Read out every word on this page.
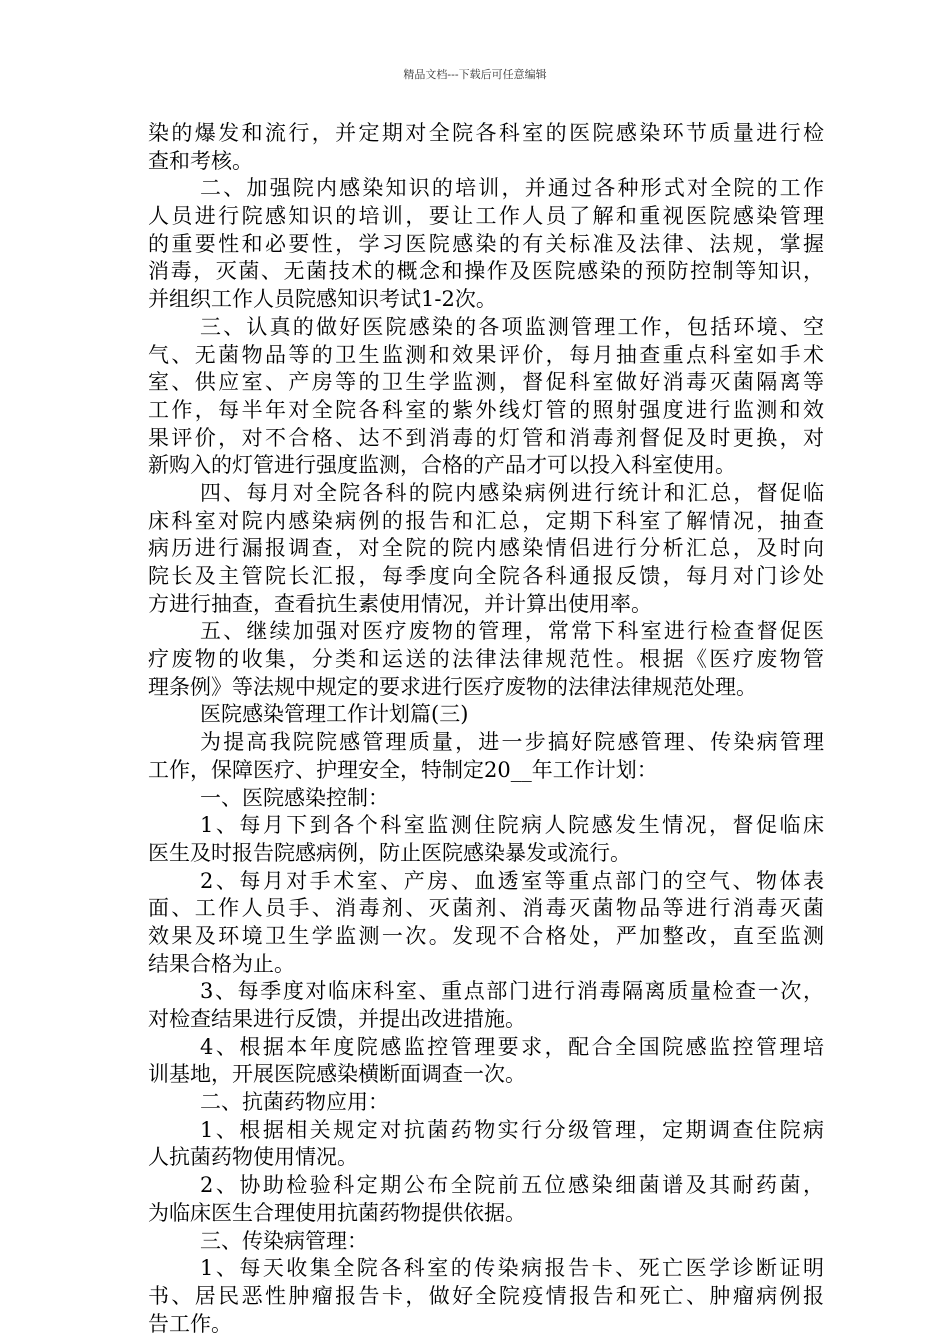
精品文档---下载后可任意编辑
染的爆发和流行，并定期对全院各科室的医院感染环节质量进行检
查和考核。
二、加强院内感染知识的培训，并通过各种形式对全院的工作
人员进行院感知识的培训，要让工作人员了解和重视医院感染管理
的重要性和必要性，学习医院感染的有关标准及法律、法规，掌握
消毒，灭菌、无菌技术的概念和操作及医院感染的预防控制等知识，
并组织工作人员院感知识考试1-2次。
三、认真的做好医院感染的各项监测管理工作，包括环境、空
气、无菌物品等的卫生监测和效果评价，每月抽查重点科室如手术
室、供应室、产房等的卫生学监测，督促科室做好消毒灭菌隔离等
工作，每半年对全院各科室的紫外线灯管的照射强度进行监测和效
果评价，对不合格、达不到消毒的灯管和消毒剂督促及时更换，对
新购入的灯管进行强度监测，合格的产品才可以投入科室使用。
四、每月对全院各科的院内感染病例进行统计和汇总，督促临
床科室对院内感染病例的报告和汇总，定期下科室了解情况，抽查
病历进行漏报调查，对全院的院内感染情侣进行分析汇总，及时向
院长及主管院长汇报，每季度向全院各科通报反馈，每月对门诊处
方进行抽查，查看抗生素使用情况，并计算出使用率。
五、继续加强对医疗废物的管理，常常下科室进行检查督促医
疗废物的收集，分类和运送的法律法律规范性。根据《医疗废物管
理条例》等法规中规定的要求进行医疗废物的法律法律规范处理。
医院感染管理工作计划篇(三)
为提高我院院感管理质量，进一步搞好院感管理、传染病管理
工作，保障医疗、护理安全，特制定20__年工作计划：
一、医院感染控制：
1、每月下到各个科室监测住院病人院感发生情况，督促临床
医生及时报告院感病例，防止医院感染暴发或流行。
2、每月对手术室、产房、血透室等重点部门的空气、物体表
面、工作人员手、消毒剂、灭菌剂、消毒灭菌物品等进行消毒灭菌
效果及环境卫生学监测一次。发现不合格处，严加整改，直至监测
结果合格为止。
3、每季度对临床科室、重点部门进行消毒隔离质量检查一次，
对检查结果进行反馈，并提出改进措施。
4、根据本年度院感监控管理要求，配合全国院感监控管理培
训基地，开展医院感染横断面调查一次。
二、抗菌药物应用：
1、根据相关规定对抗菌药物实行分级管理，定期调查住院病
人抗菌药物使用情况。
2、协助检验科定期公布全院前五位感染细菌谱及其耐药菌，
为临床医生合理使用抗菌药物提供依据。
三、传染病管理：
1、每天收集全院各科室的传染病报告卡、死亡医学诊断证明
书、居民恶性肿瘤报告卡，做好全院疫情报告和死亡、肿瘤病例报
告工作。
